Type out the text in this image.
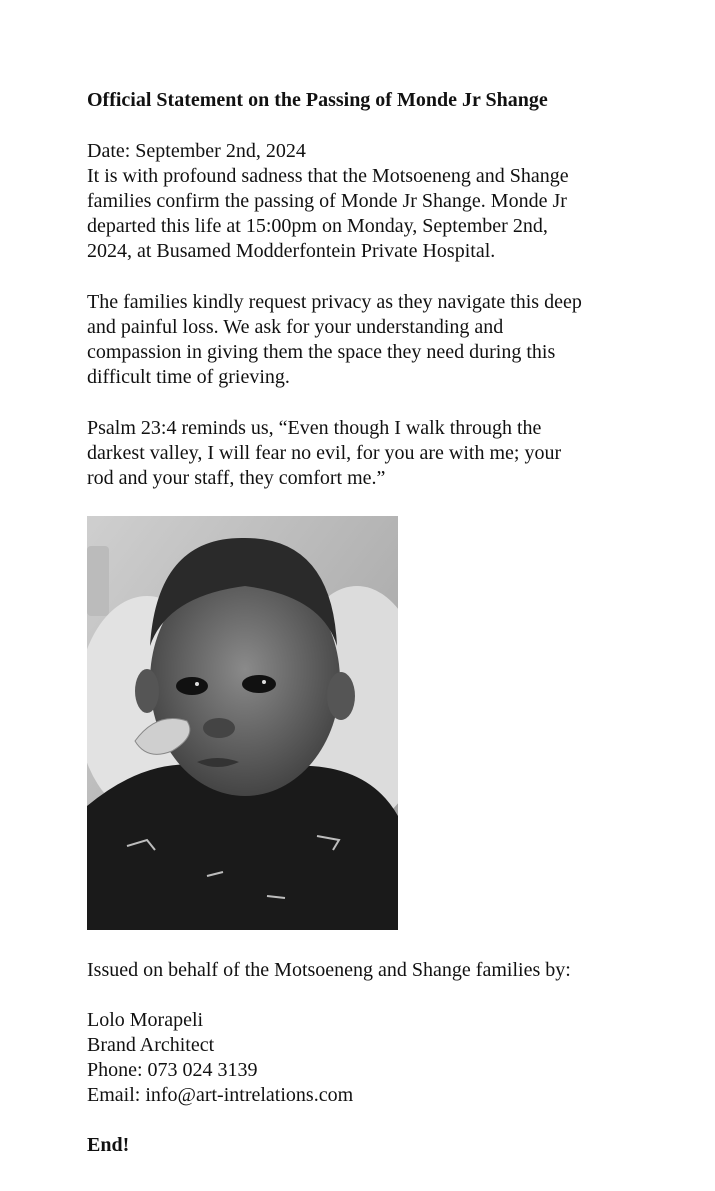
Official Statement on the Passing of Monde Jr Shange
Date: September 2nd, 2024
It is with profound sadness that the Motsoeneng and Shange
families confirm the passing of Monde Jr Shange. Monde Jr
departed this life at 15:00pm on Monday, September 2nd,
2024, at Busamed Modderfontein Private Hospital.
The families kindly request privacy as they navigate this deep
and painful loss. We ask for your understanding and
compassion in giving them the space they need during this
difficult time of grieving.
Psalm 23:4 reminds us, “Even though I walk through the
darkest valley, I will fear no evil, for you are with me; your
rod and your staff, they comfort me.”
Issued on behalf of the Motsoeneng and Shange families by:
Lolo Morapeli
Brand Architect
Phone: 073 024 3139
Email: info@art-intrelations.com
End!
